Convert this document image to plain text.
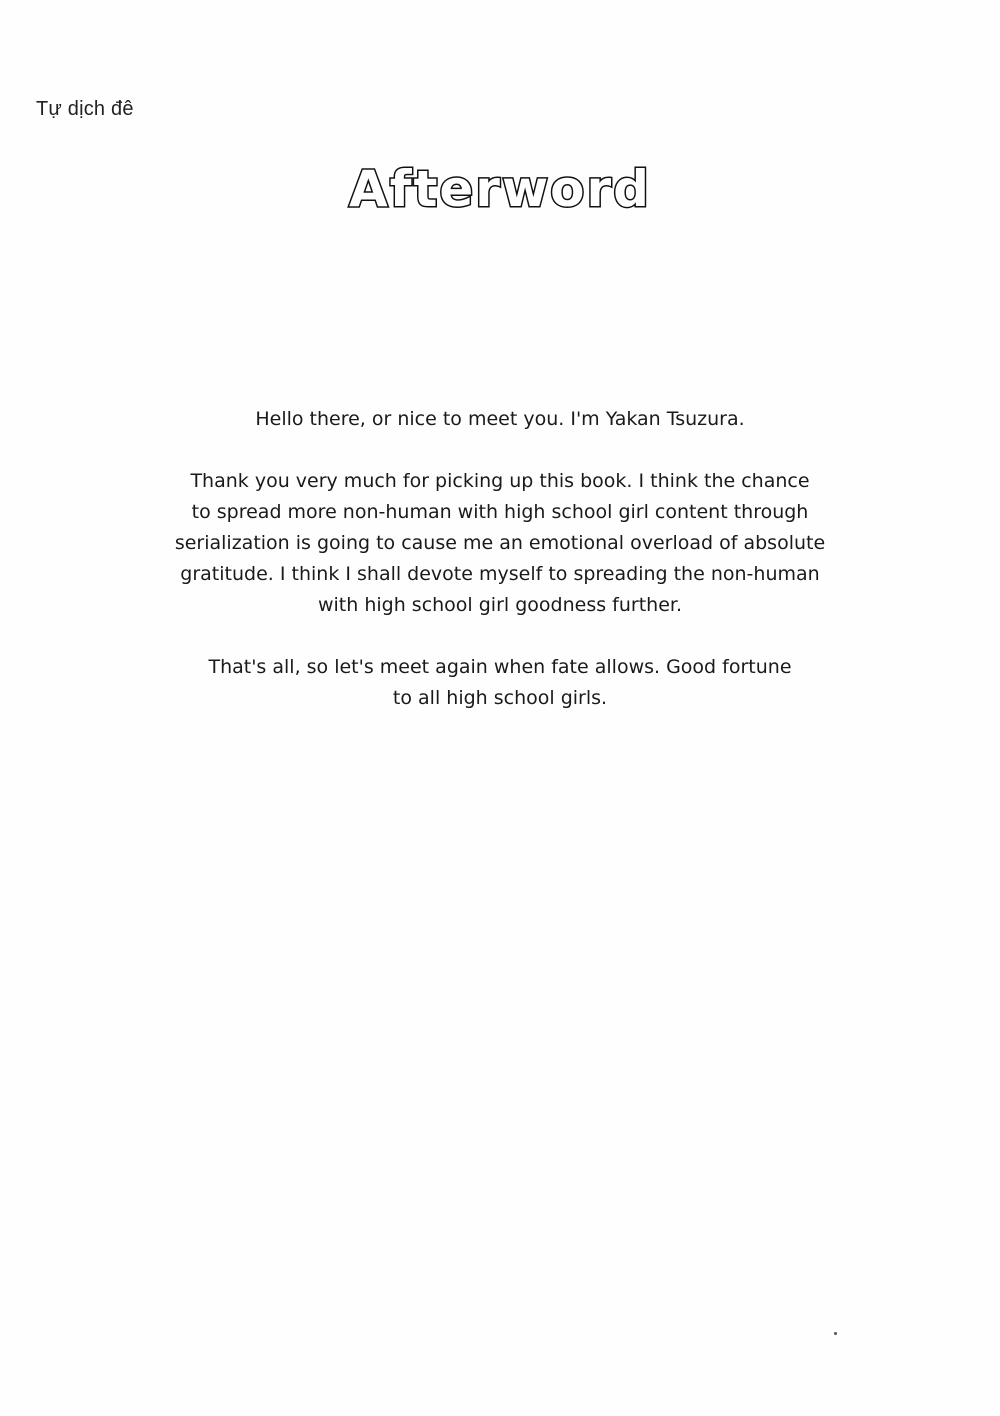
Tự dịch đê
Afterword

Hello there, or nice to meet you. I'm Yakan Tsuzura.

Thank you very much for picking up this book. I think the chance
to spread more non-human with high school girl content through
serialization is going to cause me an emotional overload of absolute
gratitude. I think I shall devote myself to spreading the non-human
with high school girl goodness further.

That's all, so let's meet again when fate allows. Good fortune
to all high school girls.
